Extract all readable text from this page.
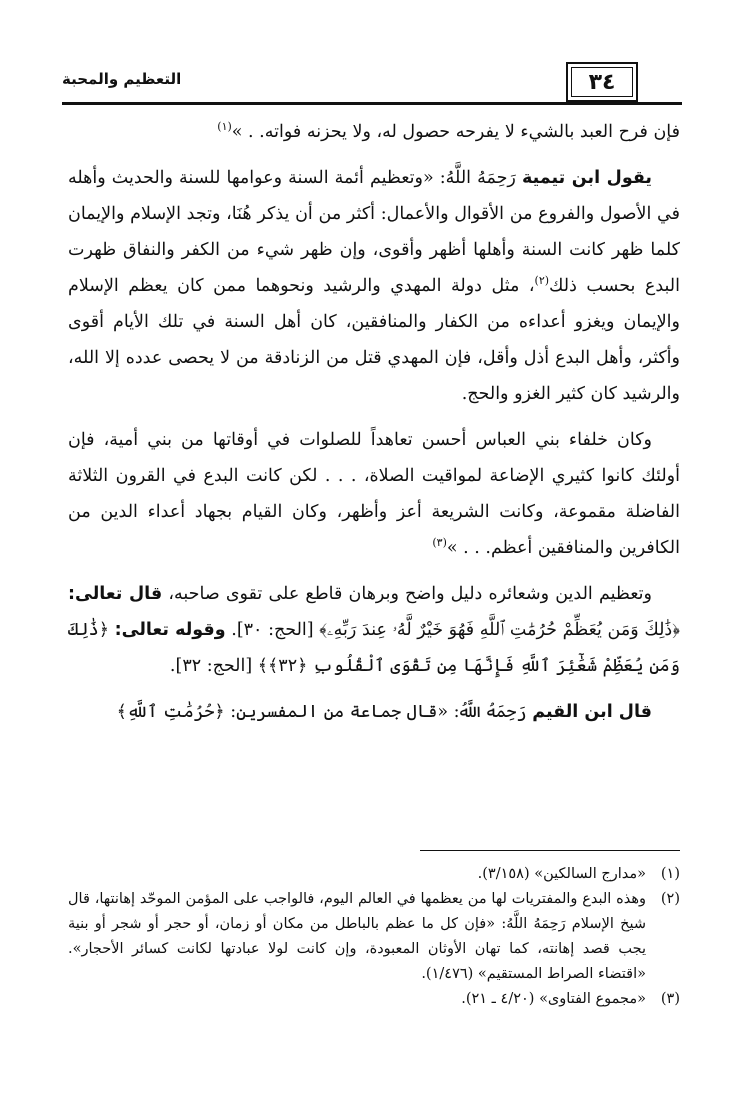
التعظيم والمحبة	٣٤

فإن فرح العبد بالشيء لا يفرحه حصول له، ولا يحزنه فواته. . »$^{(١)}$

يقول ابن تيمية رَحِمَهُ اللَّهُ: «وتعظيم أئمة السنة وعوامها للسنة والحديث وأهله في الأصول والفروع من الأقوال والأعمال: أكثر من أن يذكر هُنَا، وتجد الإسلام والإيمان كلما ظهر كانت السنة وأهلها أظهر وأقوى، وإن ظهر شيء من الكفر والنفاق ظهرت البدع بحسب ذلك$^{(٢)}$، مثل دولة المهدي والرشيد ونحوهما ممن كان يعظم الإسلام والإيمان ويغزو أعداءه من الكفار والمنافقين، كان أهل السنة في تلك الأيام أقوى وأكثر، وأهل البدع أذل وأقل، فإن المهدي قتل من الزنادقة من لا يحصى عدده إلا الله، والرشيد كان كثير الغزو والحج.

وكان خلفاء بني العباس أحسن تعاهداً للصلوات في أوقاتها من بني أمية، فإن أولئك كانوا كثيري الإضاعة لمواقيت الصلاة، . . . لكن كانت البدع في القرون الثلاثة الفاضلة مقموعة، وكانت الشريعة أعز وأظهر، وكان القيام بجهاد أعداء الدين من الكافرين والمنافقين أعظم. . . »$^{(٣)}$

وتعظيم الدين وشعائره دليل واضح وبرهان قاطع على تقوى صاحبه، قال تعالى: ﴿ذَٰلِكَ وَمَن يُعَظِّمْ حُرُمَٰتِ ٱللَّهِ فَهُوَ خَيْرٌ لَّهُۥ عِندَ رَبِّهِۦ﴾ [الحج: ٣٠]. وقوله تعالى: ﴿ذَٰلِكَ وَمَن يُعَظِّمْ شَعَٰٓئِرَ ٱللَّهِ فَإِنَّهَا مِن تَقْوَى ٱلْقُلُوبِ ﴿٣٢﴾﴾ [الحج: ٣٢].

قال ابن القيم رَحِمَهُ اللَّهُ: «قال جماعة من المفسرين: ﴿حُرُمَٰتِ ٱللَّهِ﴾

(١)
«مدارج السالكين» (٣/١٥٨).
(٢)
وهذه البدع والمفتريات لها من يعظمها في العالم اليوم، فالواجب على المؤمن الموحّد إهانتها، قال شيخ الإسلام رَحِمَهُ اللَّهُ: «فإن كل ما عظم بالباطل من مكان أو زمان، أو حجر أو شجر أو بنية يجب قصد إهانته، كما تهان الأوثان المعبودة، وإن كانت لولا عبادتها لكانت كسائر الأحجار». «اقتضاء الصراط المستقيم» (١/٤٧٦).
(٣)
«مجموع الفتاوى» (٤/٢٠ ـ ٢١).
